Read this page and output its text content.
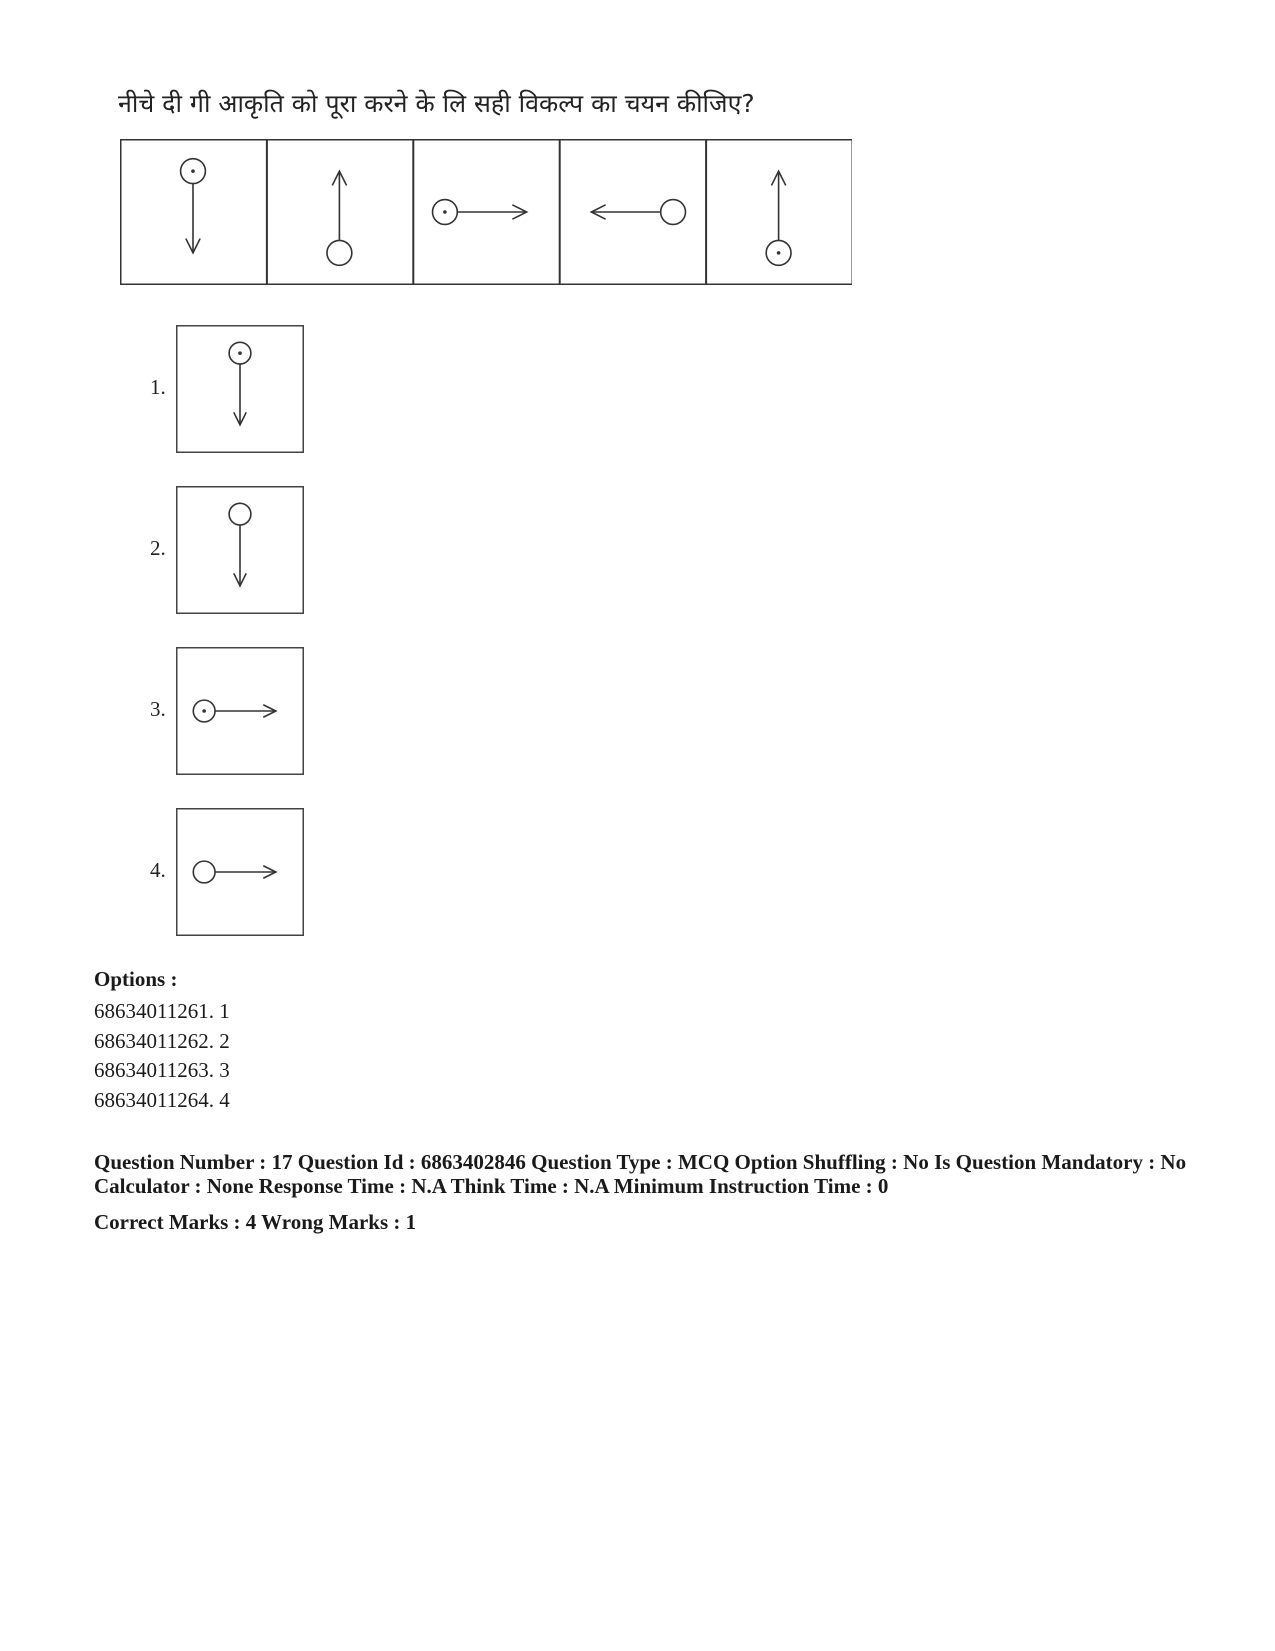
नीचे दी गी आकृति को पूरा करने के लि सही विकल्प का चयन कीजिए?
1.
2.
3.
4.
Options :
68634011261. 1
68634011262. 2
68634011263. 3
68634011264. 4
Question Number : 17 Question Id : 6863402846 Question Type : MCQ Option Shuffling : No Is Question Mandatory : No Calculator : None Response Time : N.A Think Time : N.A Minimum Instruction Time : 0
Correct Marks : 4 Wrong Marks : 1
